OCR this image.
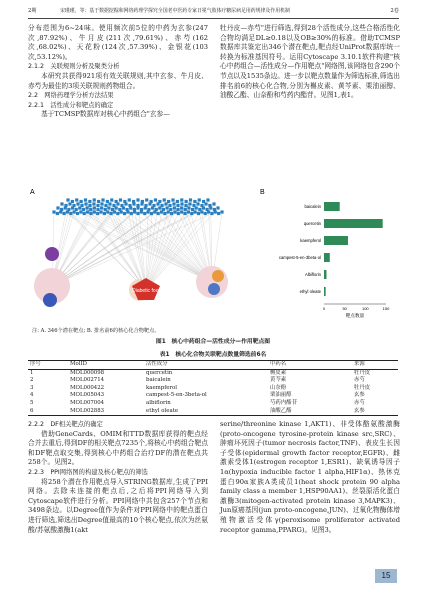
2期	宋瑾瑾，等：基于数据挖掘和网络药理学探究全国老中医药专家日冕气肢体疗糖尿病足用药规律及作用机制	2卷

分布范围为6~24味。使用频次前5位的中药为玄参(247次,87.92%)、牛月皮(211次,79.61%)、赤芍(162次,68.02%)、天花粉(124次,57.39%)、金银花(103次,53.12%)。

2.1.2　关联规则分析及聚类分析

本研究共获得921项有效关联规则,其中玄参、牛月皮、赤芍为最佳的3项关联规则药物组合。

2.2　网络药理学分析方法结果

2.2.1　活性成分和靶点的确定

基于TCMSP数据库对核心中药组合"玄参—

牡丹皮—赤芍"进行筛选,得到28个活性成分,这些合格活性化合物均满足DL≥0.18以及OB≥30%的标准。借助TCMSP数据库共鉴定出346个潜在靶点,靶点经UniProt数据库统一转换为标准基因符号。运用Cytoscape 3.10.1软件构建"核心中药组合—活性成分—作用靶点"网络图,该网络包含290个节点以及1535条边。进一步以靶点数量作为筛选标准,筛选出排名前6的核心化合物,分别为槲皮素、黄芩素、栗油丽醇、油酸乙酯、山奈酚和芍药内酯苷。见图1,表1。

A	B
Diabetic foot
baicalein
quercetin
kaempferol
campest-5-en-3beta-ol
Albiflorin
ethyl oleate
0	50	100	150
靶点数量
注: A. 346个潜在靶点; B. 排名前6的核心化合物靶点。
图1　核心中药组合—活性成分—作用靶点图
表1　核心化合物关联靶点数量筛选前6名
序号	MolID	活性成分	中药名	来源
1	MOL000098	quercetin	槲皮素	牡丹皮
2	MOL002714	baicalein	黄芩素	赤芍
3	MOL000422	kaempferol	山奈酚	牡丹皮
4	MOL005043	campest-5-en-3beta-ol	栗油丽醇	玄参
5	MOL007004	albiflorin	芍药内酯苷	赤芍
6	MOL002883	ethyl oleate	油酸乙酯	玄参

2.2.2　DF相关靶点的确定

借助GeneCards、OMIM和TTD数据库获得的靶点经合并去重后,得到DF的相关靶点7235个,将核心中药组合靶点和DF靶点取交集,得到核心中药组合治疗DF的潜在靶点共258个。见图2。

2.2.3　PPI网络图的构建及核心靶点的筛选

将258个潜在作用靶点导入STRING数据库,生成了PPI网络。去除未连接的靶点后,之后将PPI网络导入到Cytoscape软件进行分析。PPI网络中共包含257个节点和3498条边。以Degree值作为条件对PPI网络中的靶点蛋白进行筛选,筛选出Degree值最高的10个核心靶点,依次为丝氨酸/苏氨酸激酶1(akt

serine/threonine kinase 1,AKT1)、非受体酪氨酸激酶(proto-oncogene tyrosine-protein kinase src,SRC)、肿瘤坏死因子(tumor necrosis factor,TNF)、表皮生长因子受体(epidermal growth factor receptor,EGFR)、雌激素受体1(estrogen receptor 1,ESR1)、缺氧诱导因子1α(hypoxia inducible factor 1 alpha,HIF1α)、热休克蛋白90α家族A类成员1(heat shock protein 90 alpha family class a member 1,HSP90AA1)、丝裂原活化蛋白激酶3(mitogen-activated protein kinase 3,MAPK3)、Jun原癌基因(jun proto-oncogene,JUN)、过氧化物酶体增殖物激活受体γ(peroxisome proliferator activated receptor gamma,PPARG)。见图3。

15
